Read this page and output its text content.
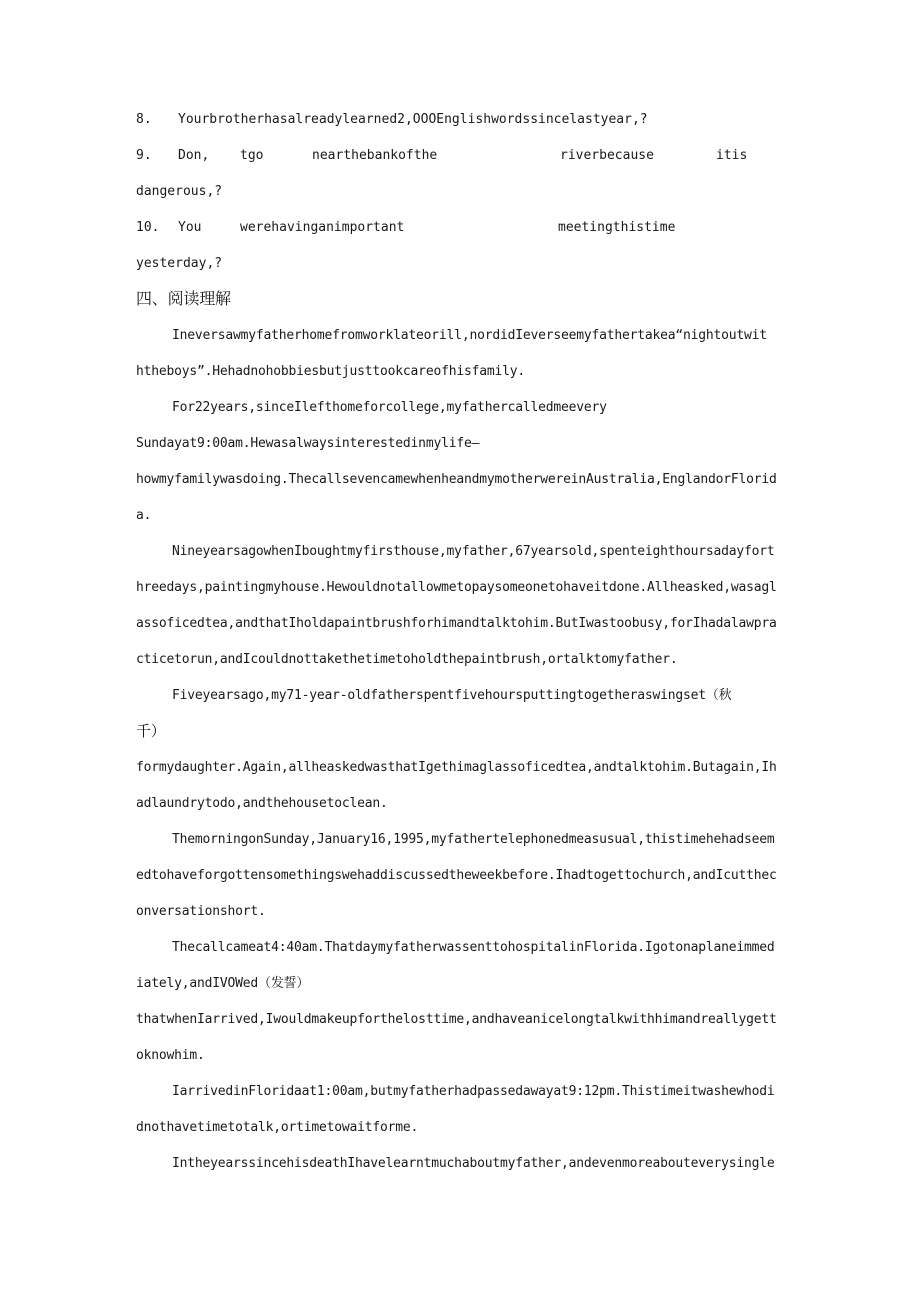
8. Yourbrotherhasalreadylearned2,OOOEnglishwordssincelastyear,?
9. Don, tgo	nearthebankofthe	riverbecause	itis
dangerous,?
10. You	werehavinganimportant	meetingthistime
yesterday,?
四、阅读理解
Ineversawmyfatherhomefromworklateorill,nordidIeverseemyfathertakea“nightoutwit
htheboys”.Hehadnohobbiesbutjusttookcareofhisfamily.
For22years,sinceIlefthomeforcollege,myfathercalledmeevery
Sundayat9:00am.Hewasalwaysinterestedinmylife—
howmyfamilywasdoing.ThecallsevencamewhenheandmymotherwereinAustralia,EnglandorFlorid
a.
NineyearsagowhenIboughtmyfirsthouse,myfather,67yearsold,spenteighthoursadayfort
hreedays,paintingmyhouse.Hewouldnotallowmetopaysomeonetohaveitdone.Allheasked,wasagl
assoficedtea,andthatIholdapaintbrushforhimandtalktohim.ButIwastoobusy,forIhadalawpra
cticetorun,andIcouldnottakethetimetoholdthepaintbrush,ortalktomyfather.
Fiveyearsago,my71-year-oldfatherspentfivehoursputtingtogetheraswingset（秋
千）
formydaughter.Again,allheaskedwasthatIgethimaglassoficedtea,andtalktohim.Butagain,Ih
adlaundrytodo,andthehousetoclean.
ThemorningonSunday,January16,1995,myfathertelephonedmeasusual,thistimehehadseem
edtohaveforgottensomethingswehaddiscussedtheweekbefore.Ihadtogettochurch,andIcutthec
onversationshort.
Thecallcameat4:40am.ThatdaymyfatherwassenttohospitalinFlorida.Igotonaplaneimmed
iately,andIVOWed（发誓）
thatwhenIarrived,Iwouldmakeupforthelosttime,andhaveanicelongtalkwithhimandreallygett
oknowhim.
IarrivedinFloridaat1:00am,butmyfatherhadpassedawayat9:12pm.Thistimeitwashewhodi
dnothavetimetotalk,ortimetowaitforme.
IntheyearssincehisdeathIhavelearntmuchaboutmyfather,andevenmoreabouteverysingle
